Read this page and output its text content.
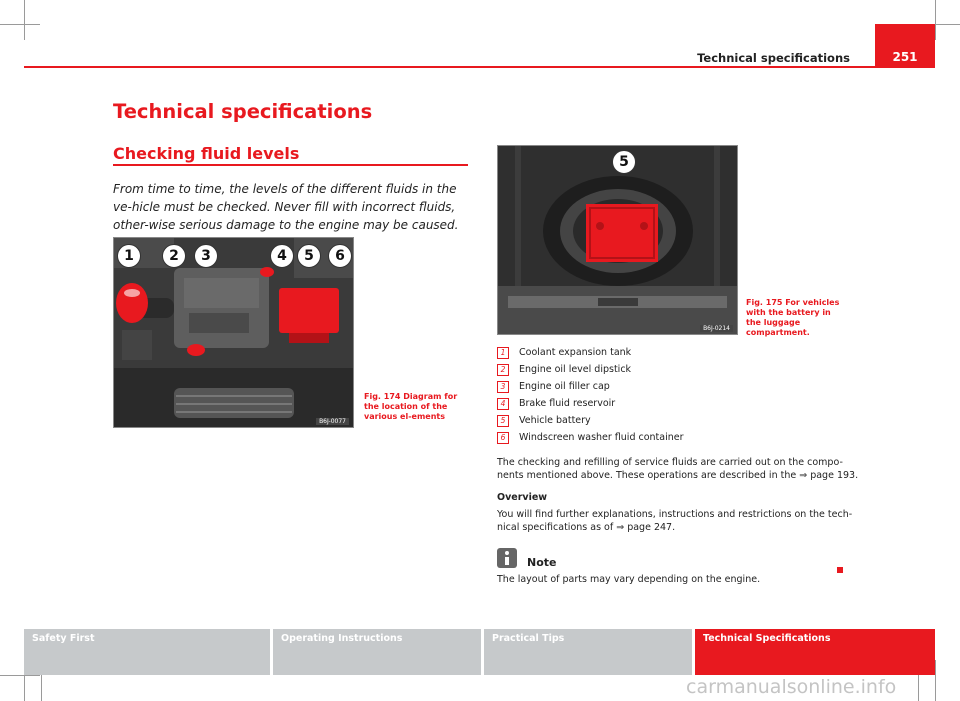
Technical specifications	251
Technical specifications
Checking fluid levels

From time to time, the levels of the different fluids in the ve-hicle must be checked. Never fill with incorrect fluids, other-wise serious damage to the engine may be caused.

1	2	3	4	5	6
B6J-0077
Fig. 174 Diagram for the location of the various el-ements
5
B6J-0214
Fig. 175 For vehicles with the battery in the luggage compartment.
1	Coolant expansion tank
2	Engine oil level dipstick
3	Engine oil filler cap
4	Brake fluid reservoir
5	Vehicle battery
6	Windscreen washer fluid container

The checking and refilling of service fluids are carried out on the compo-nents mentioned above. These operations are described in the ⇒ page 193.

Overview

You will find further explanations, instructions and restrictions on the tech-nical specifications as of ⇒ page 247.

Note

The layout of parts may vary depending on the engine.

Safety First	Operating Instructions	Practical Tips	Technical Specifications
carmanualsonline.info
